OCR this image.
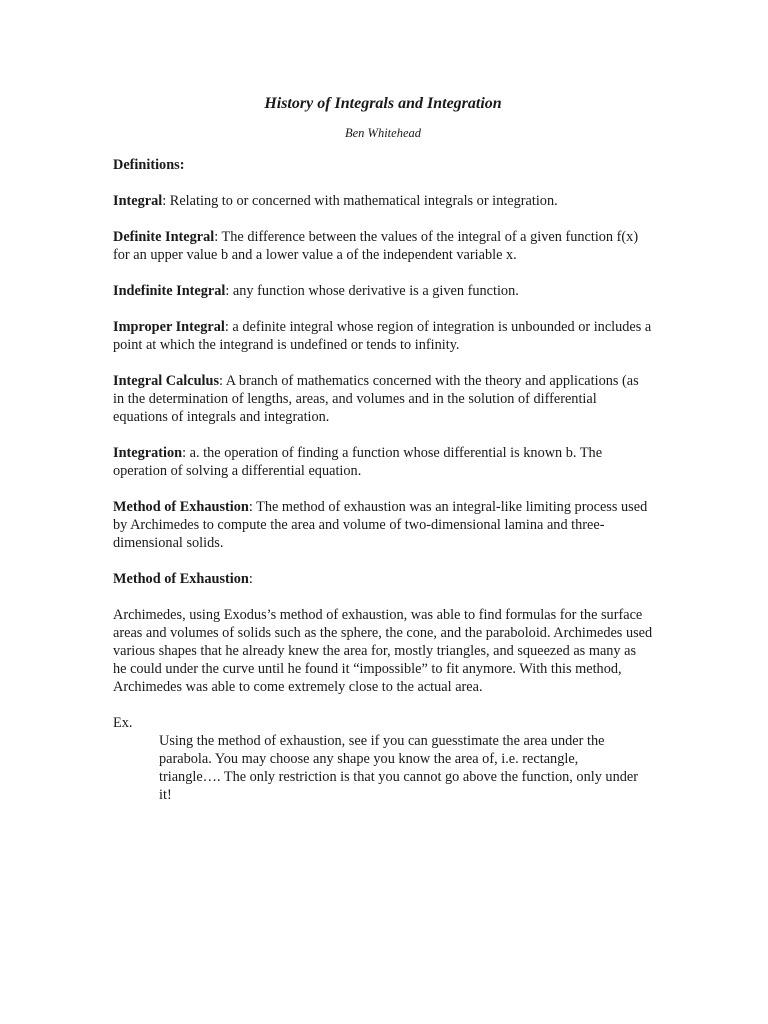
History of Integrals and Integration

Ben Whitehead

Definitions:

Integral: Relating to or concerned with mathematical integrals or integration.

Definite Integral: The difference between the values of the integral of a given function f(x) for an upper value b and a lower value a of the independent variable x.

Indefinite Integral: any function whose derivative is a given function.

Improper Integral: a definite integral whose region of integration is unbounded or includes a point at which the integrand is undefined or tends to infinity.

Integral Calculus: A branch of mathematics concerned with the theory and applications (as in the determination of lengths, areas, and volumes and in the solution of differential equations of integrals and integration.

Integration: a. the operation of finding a function whose differential is known b. The operation of solving a differential equation.

Method of Exhaustion: The method of exhaustion was an integral-like limiting process used by Archimedes to compute the area and volume of two-dimensional lamina and three-dimensional solids.

Method of Exhaustion:

Archimedes, using Exodus’s method of exhaustion, was able to find formulas for the surface areas and volumes of solids such as the sphere, the cone, and the paraboloid. Archimedes used various shapes that he already knew the area for, mostly triangles, and squeezed as many as he could under the curve until he found it “impossible” to fit anymore. With this method, Archimedes was able to come extremely close to the actual area.

Ex.

Using the method of exhaustion, see if you can guesstimate the area under the parabola. You may choose any shape you know the area of, i.e. rectangle, triangle…. The only restriction is that you cannot go above the function, only under it!
